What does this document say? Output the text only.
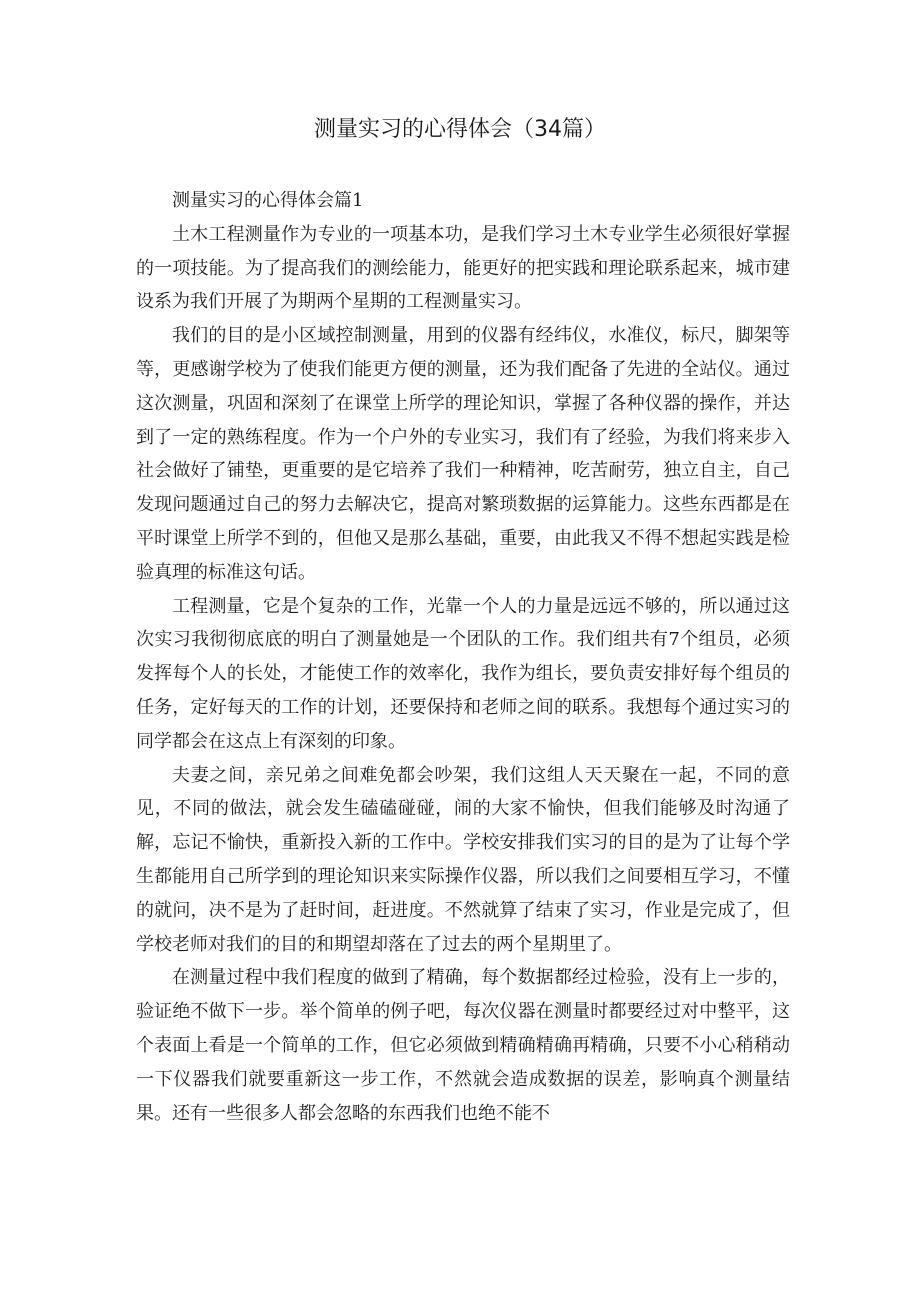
测量实习的心得体会（34篇）

测量实习的心得体会篇1

土木工程测量作为专业的一项基本功，是我们学习土木专业学生必须很好掌握的一项技能。为了提高我们的测绘能力，能更好的把实践和理论联系起来，城市建设系为我们开展了为期两个星期的工程测量实习。

我们的目的是小区域控制测量，用到的仪器有经纬仪，水准仪，标尺，脚架等等，更感谢学校为了使我们能更方便的测量，还为我们配备了先进的全站仪。通过这次测量，巩固和深刻了在课堂上所学的理论知识，掌握了各种仪器的操作，并达到了一定的熟练程度。作为一个户外的专业实习，我们有了经验，为我们将来步入社会做好了铺垫，更重要的是它培养了我们一种精神，吃苦耐劳，独立自主，自己发现问题通过自己的努力去解决它，提高对繁琐数据的运算能力。这些东西都是在平时课堂上所学不到的，但他又是那么基础，重要，由此我又不得不想起实践是检验真理的标准这句话。

工程测量，它是个复杂的工作，光靠一个人的力量是远远不够的，所以通过这次实习我彻彻底底的明白了测量她是一个团队的工作。我们组共有7个组员，必须发挥每个人的长处，才能使工作的效率化，我作为组长，要负责安排好每个组员的任务，定好每天的工作的计划，还要保持和老师之间的联系。我想每个通过实习的同学都会在这点上有深刻的印象。

夫妻之间，亲兄弟之间难免都会吵架，我们这组人天天聚在一起，不同的意见，不同的做法，就会发生磕磕碰碰，闹的大家不愉快，但我们能够及时沟通了解，忘记不愉快，重新投入新的工作中。学校安排我们实习的目的是为了让每个学生都能用自己所学到的理论知识来实际操作仪器，所以我们之间要相互学习，不懂的就问，决不是为了赶时间，赶进度。不然就算了结束了实习，作业是完成了，但学校老师对我们的目的和期望却落在了过去的两个星期里了。

在测量过程中我们程度的做到了精确，每个数据都经过检验，没有上一步的，验证绝不做下一步。举个简单的例子吧，每次仪器在测量时都要经过对中整平，这个表面上看是一个简单的工作，但它必须做到精确精确再精确，只要不小心稍稍动一下仪器我们就要重新这一步工作，不然就会造成数据的误差，影响真个测量结果。还有一些很多人都会忽略的东西我们也绝不能不
